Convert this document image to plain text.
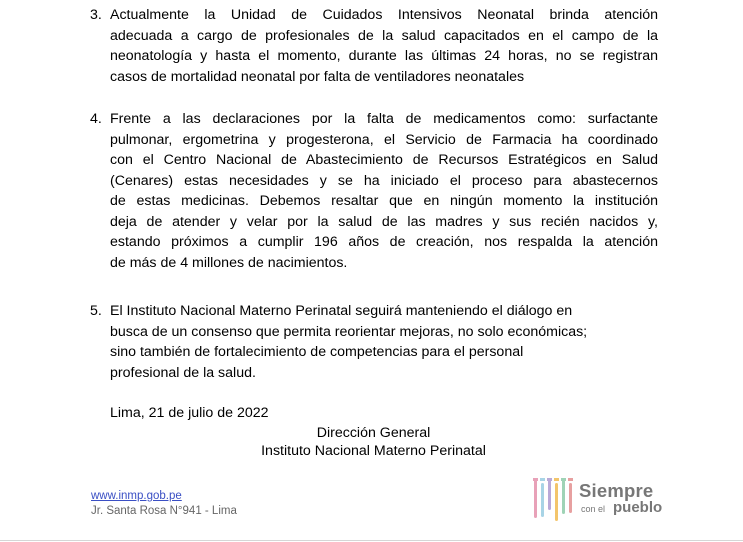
3. Actualmente la Unidad de Cuidados Intensivos Neonatal brinda atención
adecuada a cargo de profesionales de la salud capacitados en el campo de la
neonatología y hasta el momento, durante las últimas 24 horas, no se registran
casos de mortalidad neonatal por falta de ventiladores neonatales
4. Frente a las declaraciones por la falta de medicamentos como: surfactante
pulmonar, ergometrina y progesterona, el Servicio de Farmacia ha coordinado
con el Centro Nacional de Abastecimiento de Recursos Estratégicos en Salud
(Cenares) estas necesidades y se ha iniciado el proceso para abastecernos
de estas medicinas. Debemos resaltar que en ningún momento la institución
deja de atender y velar por la salud de las madres y sus recién nacidos y,
estando próximos a cumplir 196 años de creación, nos respalda la atención
de más de 4 millones de nacimientos.
5. El Instituto Nacional Materno Perinatal seguirá manteniendo el diálogo en
busca de un consenso que permita reorientar mejoras, no solo económicas;
sino también de fortalecimiento de competencias para el personal
profesional de la salud.
Lima, 21 de julio de 2022
Dirección General
Instituto Nacional Materno Perinatal
www.inmp.gob.pe
Jr. Santa Rosa N°941 - Lima
Siempre
con el pueblo
